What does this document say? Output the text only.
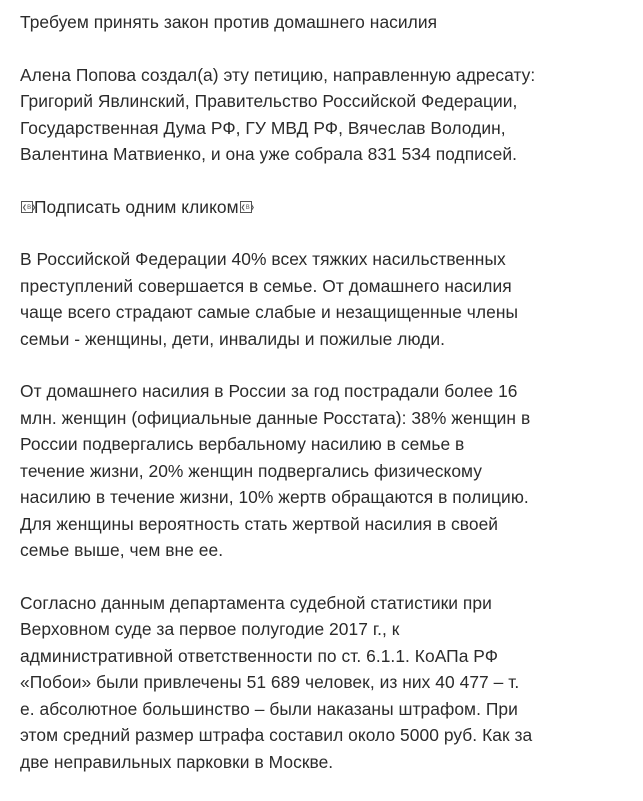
Требуем принять закон против домашнего насилия

Алена Попова создал(а) эту петицию, направленную адресату:

Григорий Явлинский, Правительство Российской Федерации,

Государственная Дума РФ, ГУ МВД РФ, Вячеслав Володин,

Валентина Матвиенко, и она уже собрала 831 534 подписей.

❮B❯
Подписать одним кликом ❮B❯

В Российской Федерации 40% всех тяжких насильственных

преступлений совершается в семье. От домашнего насилия

чаще всего страдают самые слабые и незащищенные члены

семьи - женщины, дети, инвалиды и пожилые люди.

От домашнего насилия в России за год пострадали более 16

млн. женщин (официальные данные Росстата): 38% женщин в

России подвергались вербальному насилию в семье в

течение жизни, 20% женщин подвергались физическому

насилию в течение жизни, 10% жертв обращаются в полицию.

Для женщины вероятность стать жертвой насилия в своей

семье выше, чем вне ее.

Согласно данным департамента судебной статистики при

Верховном суде за первое полугодие 2017 г., к

административной ответственности по ст. 6.1.1. КоАПа РФ

«Побои» были привлечены 51 689 человек, из них 40 477 – т.

е. абсолютное большинство – были наказаны штрафом. При

этом средний размер штрафа составил около 5000 руб. Как за

две неправильных парковки в Москве.
